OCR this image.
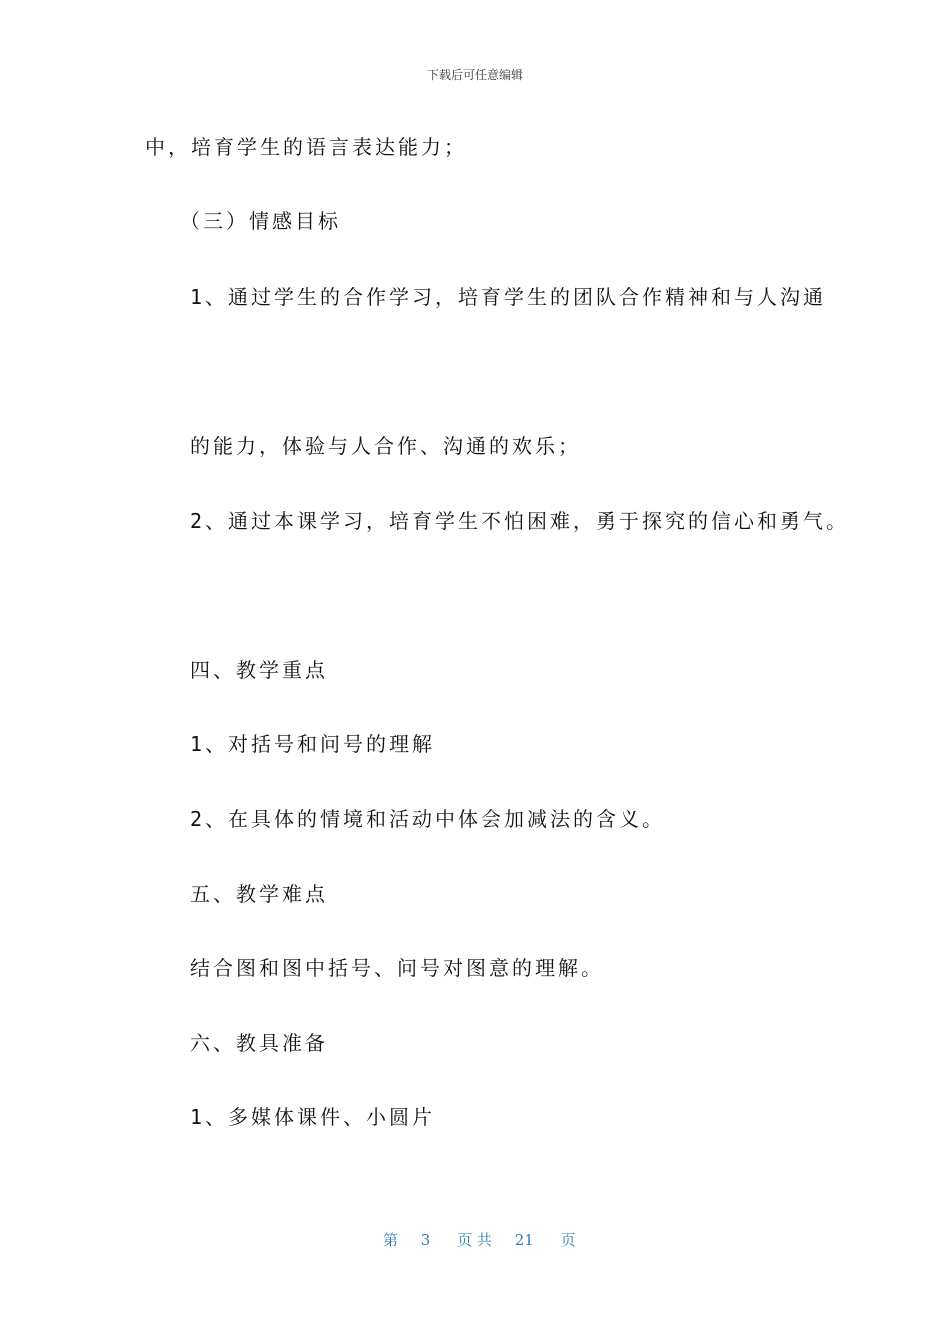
下载后可任意编辑
中，培育学生的语言表达能力；
（三）情感目标
1、通过学生的合作学习，培育学生的团队合作精神和与人沟通
的能力，体验与人合作、沟通的欢乐；
2、通过本课学习，培育学生不怕困难，勇于探究的信心和勇气。
四、教学重点
1、对括号和问号的理解
2、在具体的情境和活动中体会加减法的含义。
五、教学难点
结合图和图中括号、问号对图意的理解。
六、教具准备
1、多媒体课件、小圆片
第 3 页 共 21 页
